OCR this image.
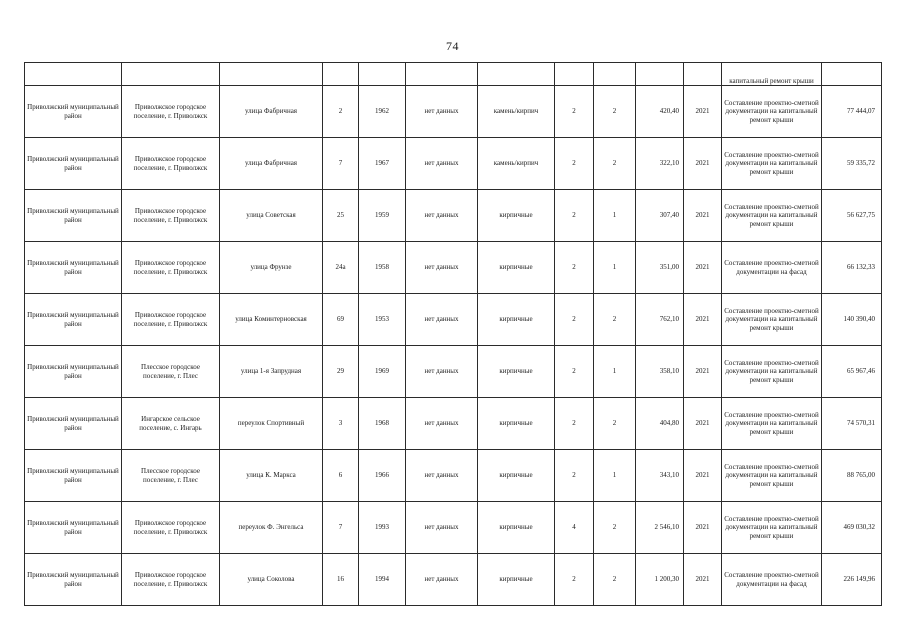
74
											капитальный ремонт крыши	
Приволжский муниципальный район	Приволжское городское поселение, г. Приволжск	улица Фабричная	2	1962	нет данных	камень/кирпич	2	2	420,40	2021	Составление проектно-сметной документации на капитальный ремонт крыши	77 444,07
Приволжский муниципальный район	Приволжское городское поселение, г. Приволжск	улица Фабричная	7	1967	нет данных	камень/кирпич	2	2	322,10	2021	Составление проектно-сметной документации на капитальный ремонт крыши	59 335,72
Приволжский муниципальный район	Приволжское городское поселение, г. Приволжск	улица Советская	25	1959	нет данных	кирпичные	2	1	307,40	2021	Составление проектно-сметной документации на капитальный ремонт крыши	56 627,75
Приволжский муниципальный район	Приволжское городское поселение, г. Приволжск	улица Фрунзе	24а	1958	нет данных	кирпичные	2	1	351,00	2021	Составление проектно-сметной документации на фасад	66 132,33
Приволжский муниципальный район	Приволжское городское поселение, г. Приволжск	улица Коминтерновская	69	1953	нет данных	кирпичные	2	2	762,10	2021	Составление проектно-сметной документации на капитальный ремонт крыши	140 390,40
Приволжский муниципальный район	Плесское городское поселение, г. Плес	улица 1-я Запрудная	29	1969	нет данных	кирпичные	2	1	358,10	2021	Составление проектно-сметной документации на капитальный ремонт крыши	65 967,46
Приволжский муниципальный район	Ингарское сельское поселение, с. Ингарь	переулок Спортивный	3	1968	нет данных	кирпичные	2	2	404,80	2021	Составление проектно-сметной документации на капитальный ремонт крыши	74 570,31
Приволжский муниципальный район	Плесское городское поселение, г. Плес	улица К. Маркса	6	1966	нет данных	кирпичные	2	1	343,10	2021	Составление проектно-сметной документации на капитальный ремонт крыши	88 765,00
Приволжский муниципальный район	Приволжское городское поселение, г. Приволжск	переулок Ф. Энгельса	7	1993	нет данных	кирпичные	4	2	2 546,10	2021	Составление проектно-сметной документации на капитальный ремонт крыши	469 030,32
Приволжский муниципальный район	Приволжское городское поселение, г. Приволжск	улица Соколова	16	1994	нет данных	кирпичные	2	2	1 200,30	2021	Составление проектно-сметной документации на фасад	226 149,96
